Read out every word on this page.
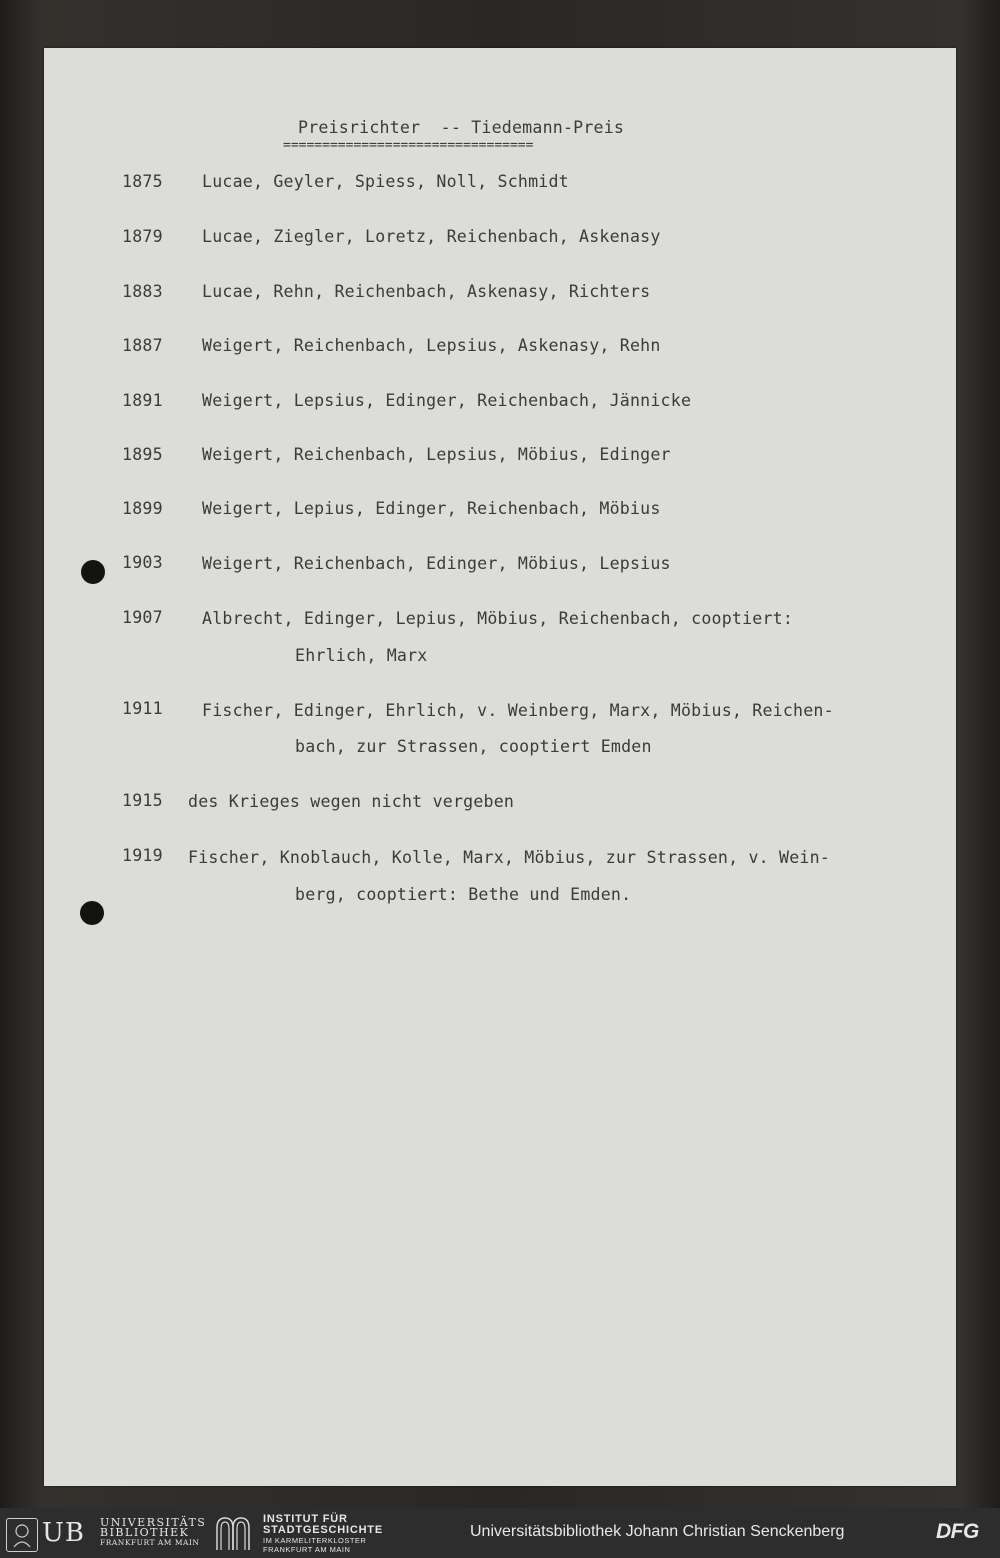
Preisrichter  -- Tiedemann-Preis
================================
1875 Lucae, Geyler, Spiess, Noll, Schmidt
1879 Lucae, Ziegler, Loretz, Reichenbach, Askenasy
1883 Lucae, Rehn, Reichenbach, Askenasy, Richters
1887 Weigert, Reichenbach, Lepsius, Askenasy, Rehn
1891 Weigert, Lepsius, Edinger, Reichenbach, Jännicke
1895 Weigert, Reichenbach, Lepsius, Möbius, Edinger
1899 Weigert, Lepius, Edinger, Reichenbach, Möbius
1903 Weigert, Reichenbach, Edinger, Möbius, Lepsius
1907 Albrecht, Edinger, Lepius, Möbius, Reichenbach, cooptiert:
Ehrlich, Marx
1911 Fischer, Edinger, Ehrlich, v. Weinberg, Marx, Möbius, Reichen-
bach, zur Strassen, cooptiert Emden
1915 des Krieges wegen nicht vergeben
1919 Fischer, Knoblauch, Kolle, Marx, Möbius, zur Strassen, v. Wein-
berg, cooptiert: Bethe und Emden.
UB UNIVERSITÄTS
BIBLIOTHEK
FRANKFURT AM MAIN
INSTITUT FÜR
STADTGESCHICHTE
IM KARMELITERKLOSTER
FRANKFURT AM MAIN
Universitätsbibliothek Johann Christian Senckenberg	DFG
